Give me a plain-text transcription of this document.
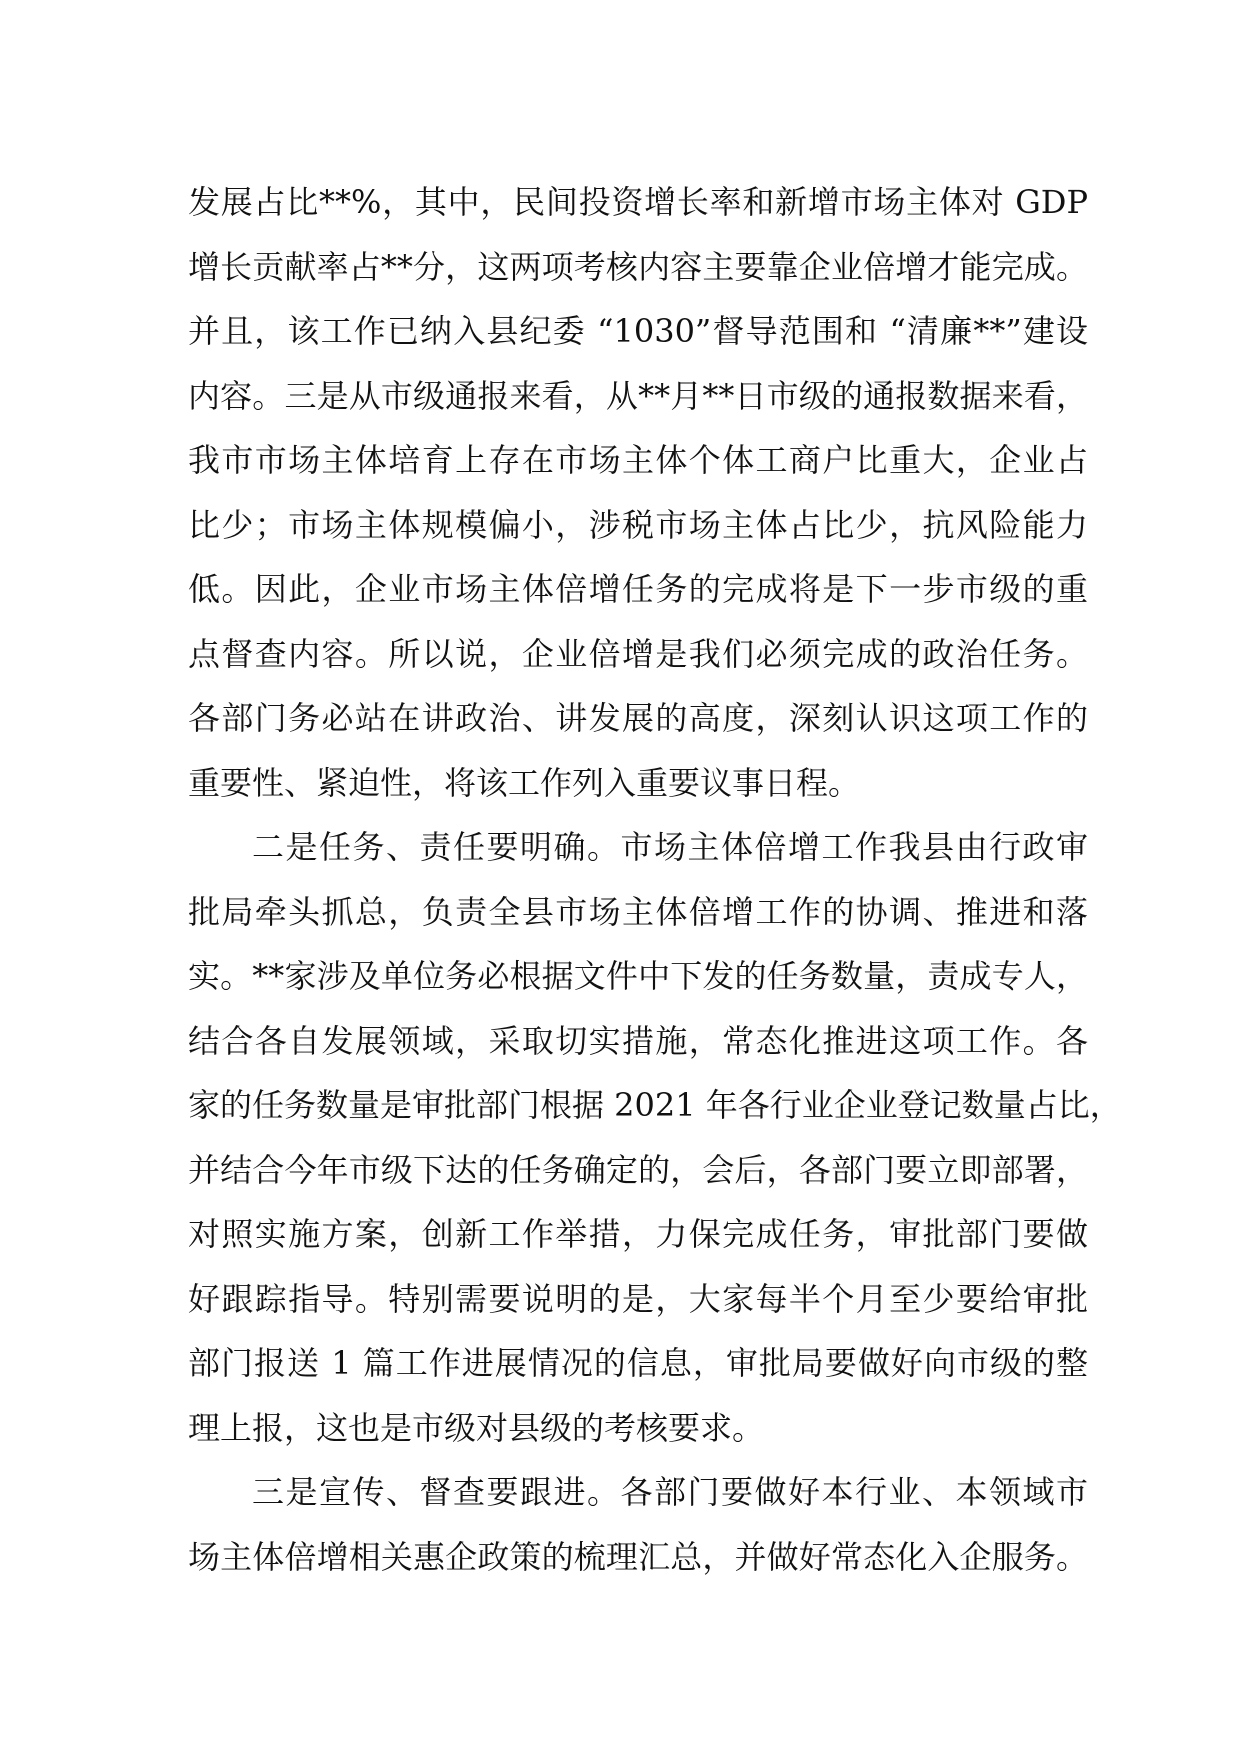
发展占比**%，其中，民间投资增长率和新增市场主体对 GDP
增长贡献率占**分，这两项考核内容主要靠企业倍增才能完成。
并且，该工作已纳入县纪委 “1030”督导范围和 “清廉**”建设
内容。三是从市级通报来看，从**月**日市级的通报数据来看，
我市市场主体培育上存在市场主体个体工商户比重大，企业占
比少；市场主体规模偏小，涉税市场主体占比少，抗风险能力
低。因此，企业市场主体倍增任务的完成将是下一步市级的重
点督查内容。所以说，企业倍增是我们必须完成的政治任务。
各部门务必站在讲政治、讲发展的高度，深刻认识这项工作的
重要性、紧迫性，将该工作列入重要议事日程。
二是任务、责任要明确。市场主体倍增工作我县由行政审
批局牵头抓总，负责全县市场主体倍增工作的协调、推进和落
实。**家涉及单位务必根据文件中下发的任务数量，责成专人，
结合各自发展领域，采取切实措施，常态化推进这项工作。各
家的任务数量是审批部门根据 2021 年各行业企业登记数量占比，
并结合今年市级下达的任务确定的，会后，各部门要立即部署，
对照实施方案，创新工作举措，力保完成任务，审批部门要做
好跟踪指导。特别需要说明的是，大家每半个月至少要给审批
部门报送 1 篇工作进展情况的信息，审批局要做好向市级的整
理上报，这也是市级对县级的考核要求。
三是宣传、督查要跟进。各部门要做好本行业、本领域市
场主体倍增相关惠企政策的梳理汇总，并做好常态化入企服务。
